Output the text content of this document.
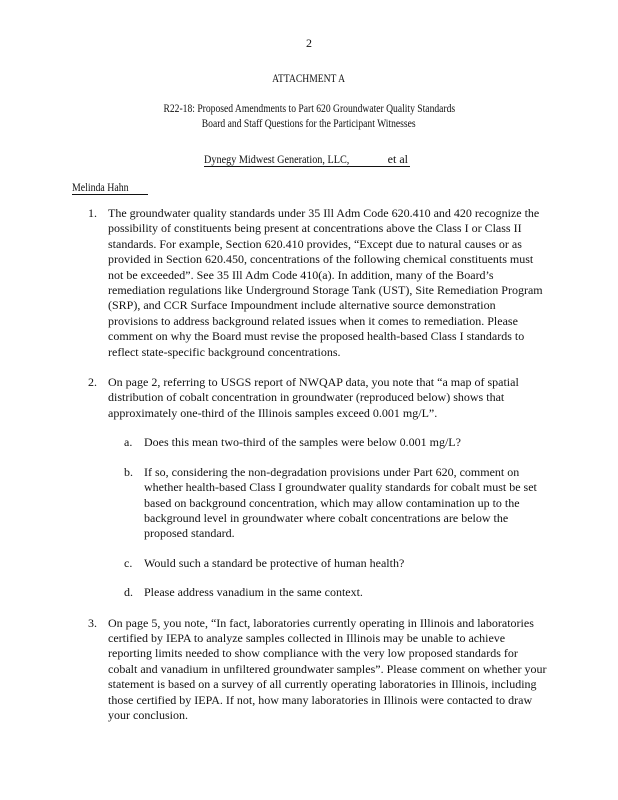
2
ATTACHMENT A
R22-18: Proposed Amendments to Part 620 Groundwater Quality Standards
Board and Staff Questions for the Participant Witnesses
Dynegy Midwest Generation, LLC,	et al
Melinda Hahn
1. The groundwater quality standards under 35 Ill Adm Code 620.410 and 420 recognize the possibility of constituents being present at concentrations above the Class I or Class II standards. For example, Section 620.410 provides, “Except due to natural causes or as provided in Section 620.450, concentrations of the following chemical constituents must not be exceeded”. See 35 Ill Adm Code 410(a). In addition, many of the Board’s remediation regulations like Underground Storage Tank (UST), Site Remediation Program (SRP), and CCR Surface Impoundment include alternative source demonstration provisions to address background related issues when it comes to remediation. Please comment on why the Board must revise the proposed health-based Class I standards to reflect state-specific background concentrations.
2. On page 2, referring to USGS report of NWQAP data, you note that “a map of spatial distribution of cobalt concentration in groundwater (reproduced below) shows that approximately one-third of the Illinois samples exceed 0.001 mg/L”.
a. Does this mean two-third of the samples were below 0.001 mg/L?
b. If so, considering the non-degradation provisions under Part 620, comment on whether health-based Class I groundwater quality standards for cobalt must be set based on background concentration, which may allow contamination up to the background level in groundwater where cobalt concentrations are below the proposed standard.
c. Would such a standard be protective of human health?
d. Please address vanadium in the same context.
3. On page 5, you note, “In fact, laboratories currently operating in Illinois and laboratories certified by IEPA to analyze samples collected in Illinois may be unable to achieve reporting limits needed to show compliance with the very low proposed standards for cobalt and vanadium in unfiltered groundwater samples”. Please comment on whether your statement is based on a survey of all currently operating laboratories in Illinois, including those certified by IEPA. If not, how many laboratories in Illinois were contacted to draw your conclusion.
